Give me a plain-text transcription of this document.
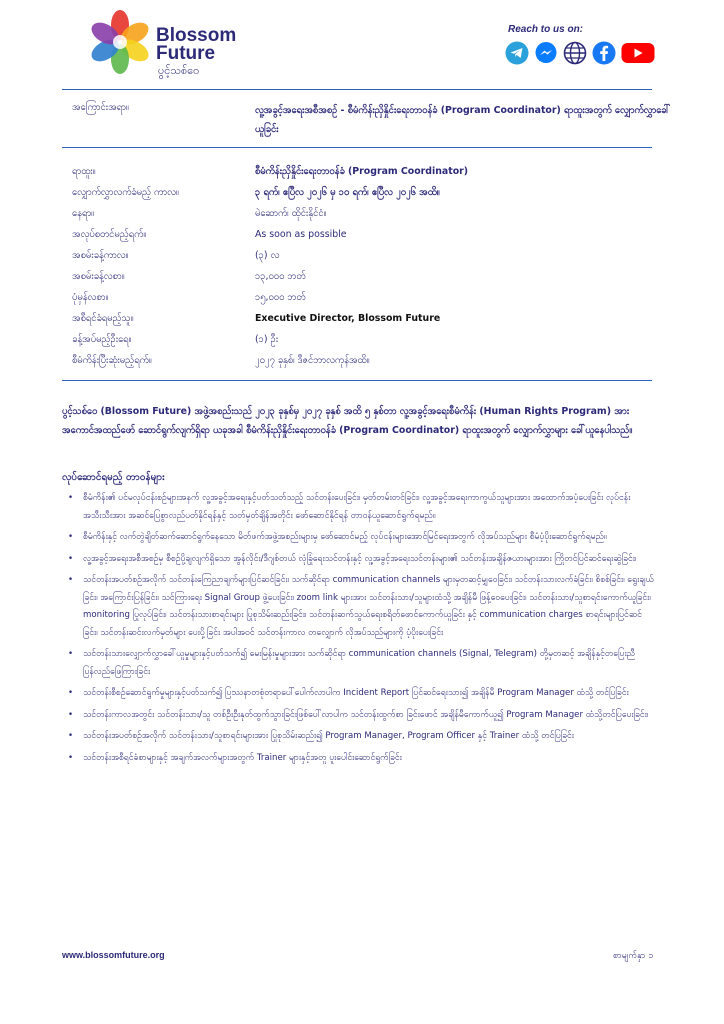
Blossom
Future
ပွင့်သစ်ဝေ
Reach to us on:
အကြောင်းအရာ။	လူ့အခွင့်အရေးအစီအစဉ် - စီမံကိန်းညှိနှိုင်းရေးတာဝန်ခံ (Program Coordinator) ရာထူးအတွက် လျှောက်လွှာခေါ်ယူခြင်း
ရာထူး။	စီမံကိန်းညှိနှိုင်းရေးတာဝန်ခံ (Program Coordinator)
လျှောက်လွှာလက်ခံမည့် ကာလ။	၃ ရက်၊ ဧပြီလ ၂၀၂၆ မှ ၁၀ ရက်၊ ဧပြီလ ၂၀၂၆ အထိ။
နေရာ။	မဲဆောက်၊ ထိုင်းနိုင်ငံ။
အလုပ်စတင်မည့်ရက်။	As soon as possible
အစမ်းခန့်ကာလ။	(၃) လ
အစမ်းခန့်လစာ။	၁၃,၀၀၀ ဘတ်
ပုံမှန်လစာ။	၁၅,၀၀၀ ဘတ်
အစီရင်ခံရမည့်သူ။	Executive Director, Blossom Future
ခန့်အပ်မည့်ဦးရေ။	(၁) ဦး
စီမံကိန်းပြီးဆုံးမည့်ရက်။	၂၀၂၇ ခုနှစ်၊ ဒီဇင်ဘာလကုန်အထိ။
ပွင့်သစ်ဝေ (Blossom Future) အဖွဲ့အစည်းသည် ၂၀၂၃ ခုနှစ်မှ ၂၀၂၇ ခုနှစ် အထိ ၅ နှစ်တာ လူ့အခွင့်အရေးစီမံကိန်း (Human Rights Program) အား အကောင်အထည်ဖော် ဆောင်ရွက်လျက်ရှိရာ ယခုအခါ စီမံကိန်းညှိနှိုင်းရေးတာဝန်ခံ (Program Coordinator) ရာထူးအတွက် လျှောက်လွှာများ ခေါ်ယူနေပါသည်။
လုပ်ဆောင်ရမည့် တာဝန်များ
• စီမံကိန်း၏ ပင်မလုပ်ငန်းစဉ်များအနက် လူ့အခွင့်အရေးနှင့်ပတ်သတ်သည့် သင်တန်းပေးခြင်း၊ မှတ်တမ်းတင်ခြင်း၊ လူ့အခွင့်အရေးကာကွယ်သူများအား အထောက်အပံ့ပေးခြင်း လုပ်ငန်းအသီးသီးအား အဆင်ပြေစွာလည်ပတ်နိုင်ရန်နှင့် သတ်မှတ်ချိန်အတိုင်း ဖော်ဆောင်နိုင်ရန် တာဝန်ယူဆောင်ရွက်ရမည်။
• စီမံကိန်းနှင့် လက်တွဲချိတ်ဆက်ဆောင်ရွက်နေသော မိတ်ဖက်အဖွဲ့အစည်းများမှ ဖော်ဆောင်မည့် လုပ်ငန်းများအောင်မြင်ရေးအတွက် လိုအပ်သည်များ စီမံပံ့ပိုးဆောင်ရွက်ရမည်။
• လူ့အခွင့်အရေးအစီအစဉ်မှ စီစဉ်ပို့ချလျက်ရှိသော အွန်လိုင်း/ဒီဂျစ်တယ် လုံခြုံရေးသင်တန်းနှင့် လူ့အခွင့်အရေးသင်တန်းများ၏ သင်တန်းအချိန်ဇယားများအား ကြိုတင်ပြင်ဆင်ရေးဆွဲခြင်း၊
• သင်တန်းအပတ်စဉ်အလိုက် သင်တန်းကြေညာချက်များပြင်ဆင်ခြင်း၊ သက်ဆိုင်ရာ communication channels များမှတဆင့်မျှဝေခြင်း၊ သင်တန်းသားလက်ခံခြင်း၊ စိစစ်ခြင်း၊ ရွေးချယ်ခြင်း၊ အကြောင်းပြန်ခြင်း၊ သင်ကြားရေး Signal Group ဖွဲ့ပေးခြင်း၊ zoom link များအား သင်တန်းသား/သူများထံသို့ အချိန်မီ ဖြန့်ဝေပေးခြင်း၊ သင်တန်းသား/သူစာရင်းကောက်ယူခြင်း၊ monitoring ပြုလုပ်ခြင်း၊ သင်တန်းသားစာရင်းများ ပြုစုသိမ်းဆည်းခြင်း၊ သင်တန်းဆက်သွယ်ရေးစရိတ်ဖောင်ကောက်ယူခြင်း နှင့် communication charges စာရင်းများပြင်ဆင်ခြင်း၊ သင်တန်းဆင်းလက်မှတ်များ ပေးပို့ခြင်း အပါအဝင် သင်တန်းကာလ တလျှောက် လိုအပ်သည်များကို ပံ့ပိုးပေးခြင်း
• သင်တန်းသားလျှောက်လွှာခေါ်ယူမှုများနှင့်ပတ်သက်၍ မေးမြန်းမှုများအား သက်ဆိုင်ရာ communication channels (Signal, Telegram) တို့မှတဆင့် အချိန်နှင့်တပြေးညီ ပြန်လည်ဖြေကြားခြင်း
• သင်တန်းစီစဉ်ဆောင်ရွက်မှုများနှင့်ပတ်သက်၍ ပြဿနာတစုံတရာပေါ်ပေါက်လာပါက Incident Report ပြင်ဆင်ရေးသား၍ အချိန်မီ Program Manager ထံသို့ တင်ပြခြင်း
• သင်တန်းကာလအတွင်း သင်တန်းသား/သူ တစ်ဦးဦးနုတ်ထွက်သွားခြင်းဖြစ်ပေါ်လာပါက သင်တန်းထွက်စာ ခြင်းဖောင် အချိန်မီကောက်ယူ၍ Program Manager ထံသို့တင်ပြပေးခြင်း၊
• သင်တန်းအပတ်စဉ်အလိုက် သင်တန်းသား/သူစာရင်းများအား ပြုစုသိမ်းဆည်း၍ Program Manager, Program Officer နှင့် Trainer ထံသို့ တင်ပြခြင်း
• သင်တန်းအစီရင်ခံစာများနှင့် အချက်အလက်များအတွက် Trainer များနှင့်အတူ ပူးပေါင်းဆောင်ရွက်ခြင်း
www.blossomfuture.org	စာမျက်နှာ ၁
